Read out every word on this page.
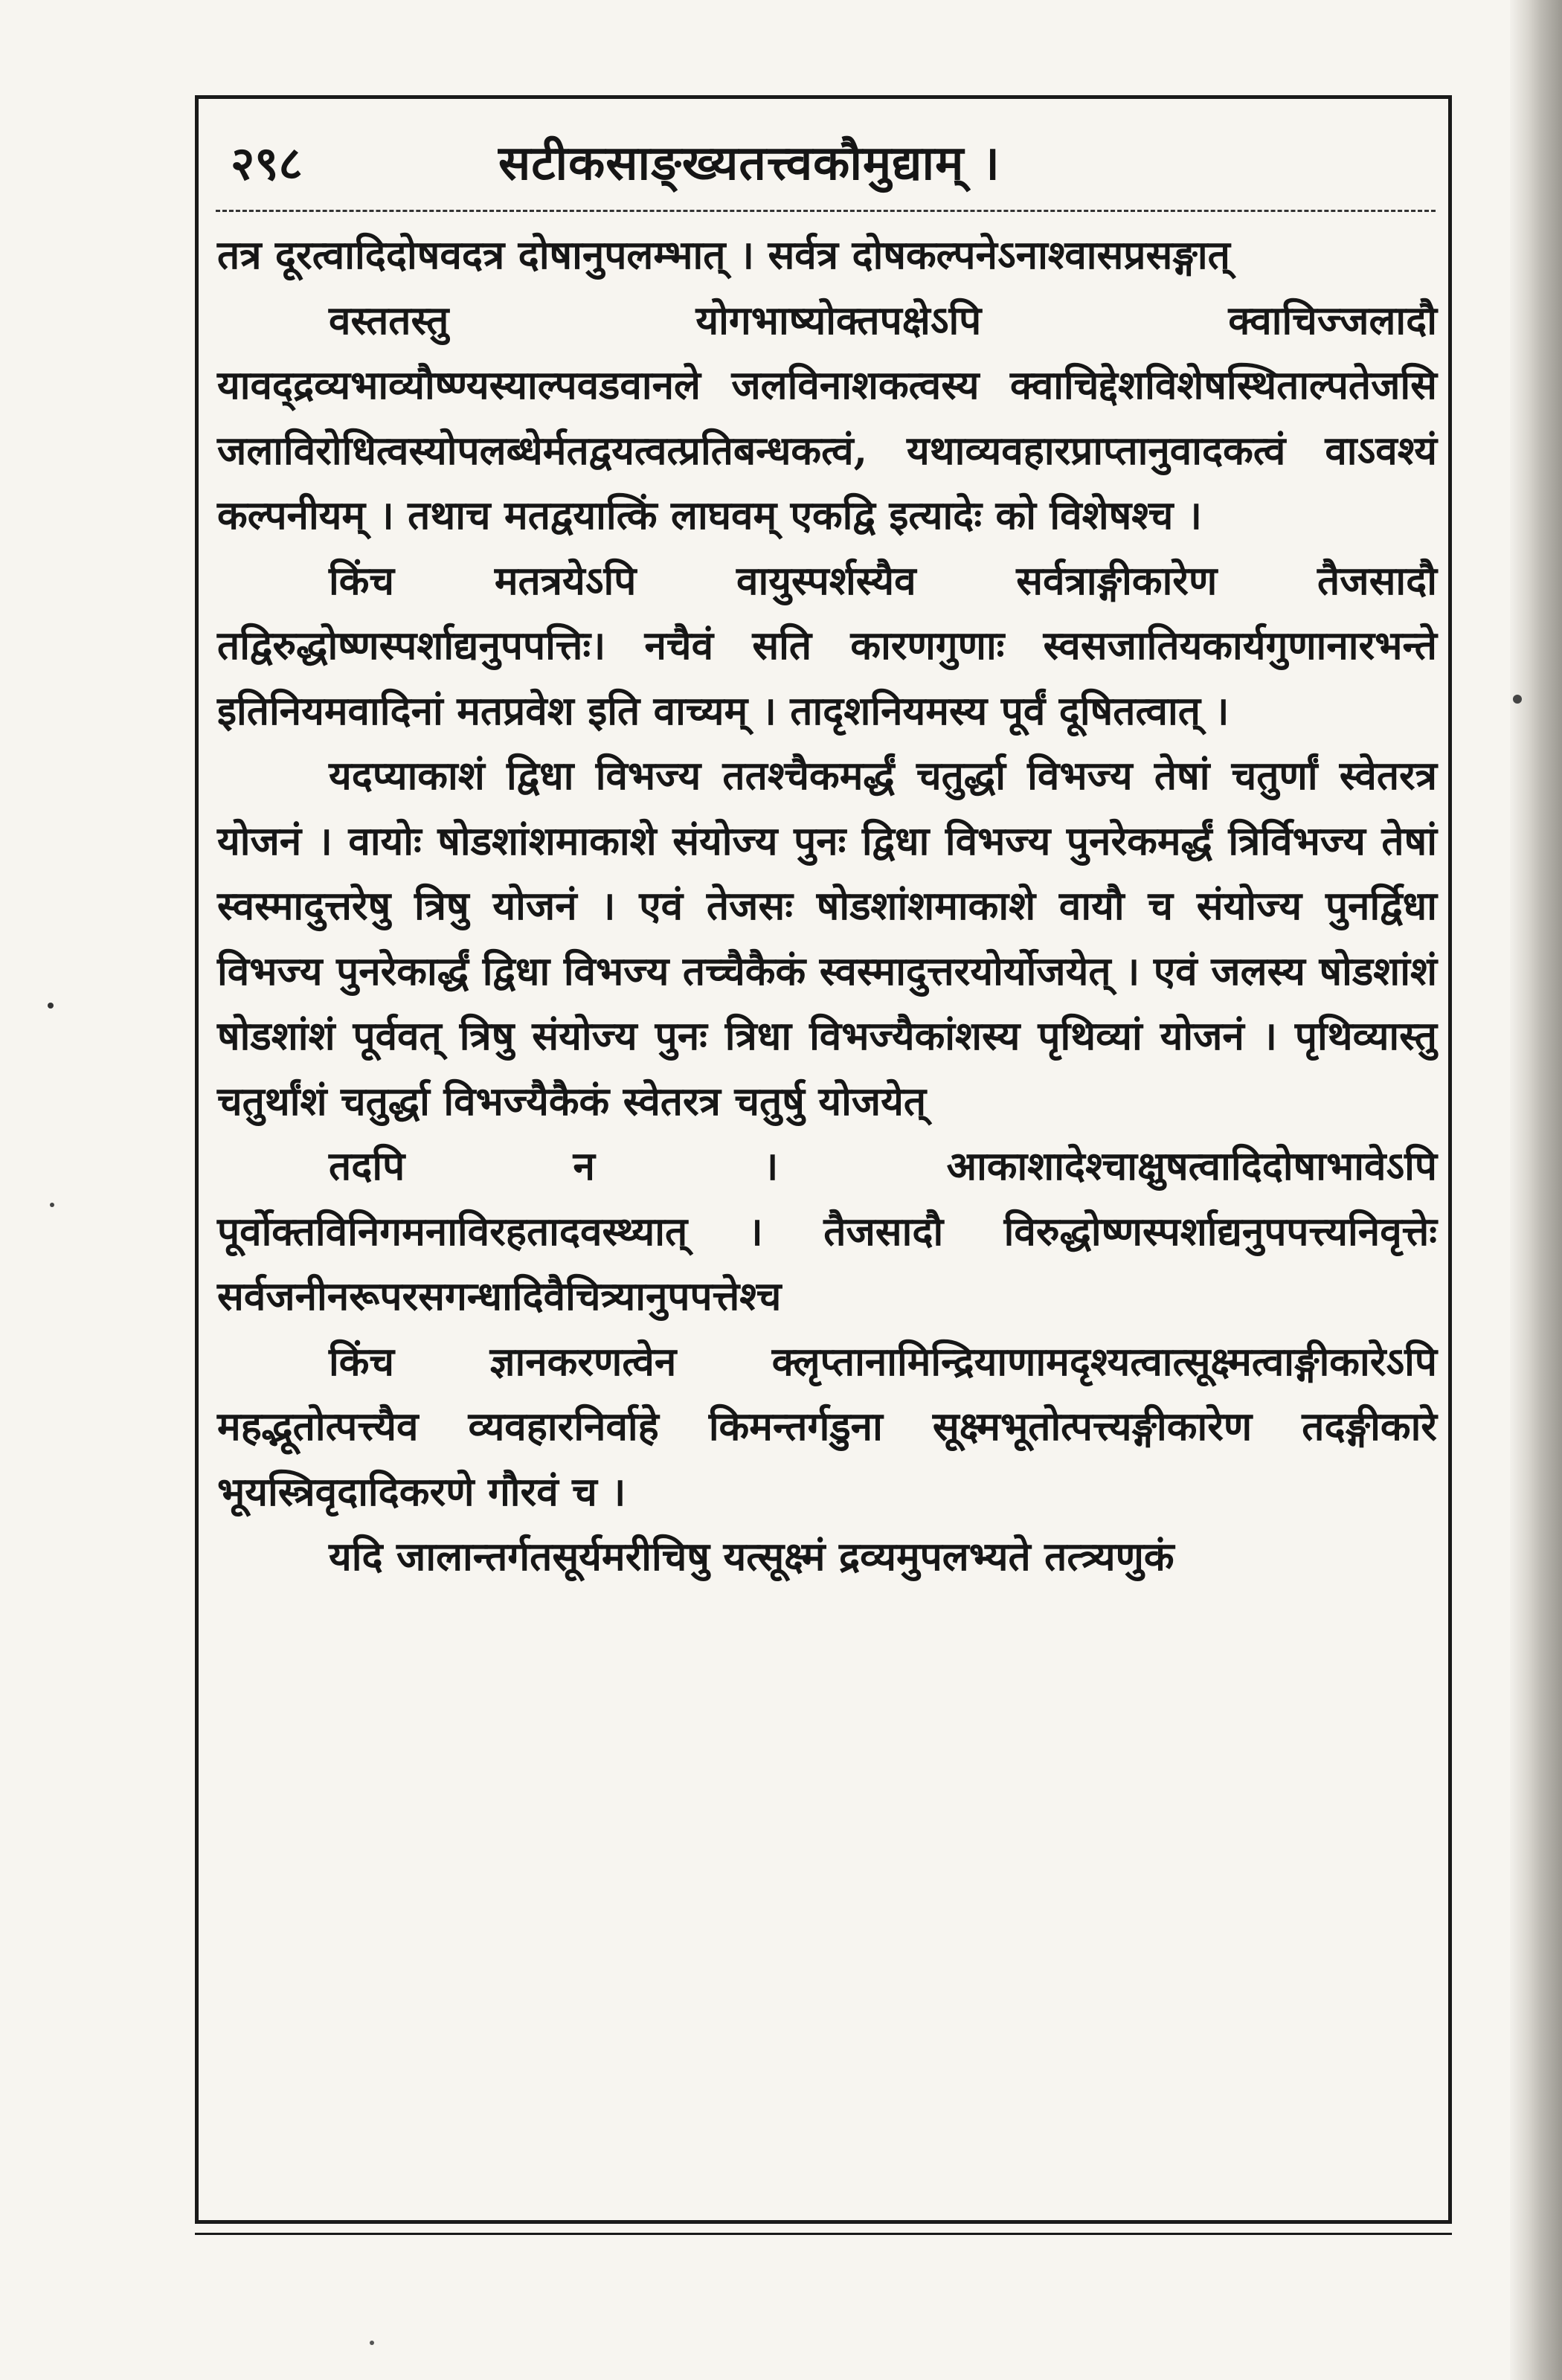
२९८	सटीकसाङ्ख्यतत्त्वकौमुद्याम् ।

तत्र दूरत्वादिदोषवदत्र दोषानुपलम्भात् । सर्वत्र दोषकल्पनेऽनाश्वासप्रसङ्गात्

वस्ततस्तु योगभाष्योक्तपक्षेऽपि क्वाचिज्जलादौ यावद्द्रव्यभाव्यौष्ण्यस्याल्पवडवानले जलविनाशकत्वस्य क्वाचिद्देशविशेषस्थिताल्पतेजसि जलाविरोधित्वस्योपलब्धेर्मतद्वयत्वत्प्रतिबन्धकत्वं, यथाव्यवहारप्राप्तानुवादकत्वं वाऽवश्यं कल्पनीयम् । तथाच मतद्वयात्किं लाघवम् एकद्वि इत्यादेः को विशेषश्च ।

किंच मतत्रयेऽपि वायुस्पर्शस्यैव सर्वत्राङ्गीकारेण तैजसादौ तद्विरुद्धोष्णस्पर्शाद्यनुपपत्तिः। नचैवं सति कारणगुणाः स्वसजातियकार्यगुणानारभन्ते इतिनियमवादिनां मतप्रवेश इति वाच्यम् । तादृशनियमस्य पूर्वं दूषितत्वात् ।

यदप्याकाशं द्विधा विभज्य ततश्चैकमर्द्धं चतुर्द्धा विभज्य तेषां चतुर्णां स्वेतरत्र योजनं । वायोः षोडशांशमाकाशे संयोज्य पुनः द्विधा विभज्य पुनरेकमर्द्धं त्रिर्विभज्य तेषां स्वस्मादुत्तरेषु त्रिषु योजनं । एवं तेजसः षोडशांशमाकाशे वायौ च संयोज्य पुनर्द्विधा विभज्य पुनरेकार्द्धं द्विधा विभज्य तच्चैकैकं स्वस्मादुत्तरयोर्योजयेत् । एवं जलस्य षोडशांशं षोडशांशं पूर्ववत् त्रिषु संयोज्य पुनः त्रिधा विभज्यैकांशस्य पृथिव्यां योजनं । पृथिव्यास्तु चतुर्थांशं चतुर्द्धा विभज्यैकैकं स्वेतरत्र चतुर्षु योजयेत्

तदपि न । आकाशादेश्चाक्षुषत्वादिदोषाभावेऽपि पूर्वोक्तविनिगमनाविरहतादवस्थ्यात् । तैजसादौ विरुद्धोष्णस्पर्शाद्यनुपपत्त्यनिवृत्तेः सर्वजनीनरूपरसगन्धादिवैचित्र्यानुपपत्तेश्च

किंच ज्ञानकरणत्वेन क्लृप्तानामिन्द्रियाणामदृश्यत्वात्सूक्ष्मत्वाङ्गीकारेऽपि महद्भूतोत्पत्त्यैव व्यवहारनिर्वाहे किमन्तर्गडुना सूक्ष्मभूतोत्पत्त्यङ्गीकारेण तदङ्गीकारे भूयस्त्रिवृदादिकरणे गौरवं च ।

यदि जालान्तर्गतसूर्यमरीचिषु यत्सूक्ष्मं द्रव्यमुपलभ्यते तत्त्र्यणुकं
